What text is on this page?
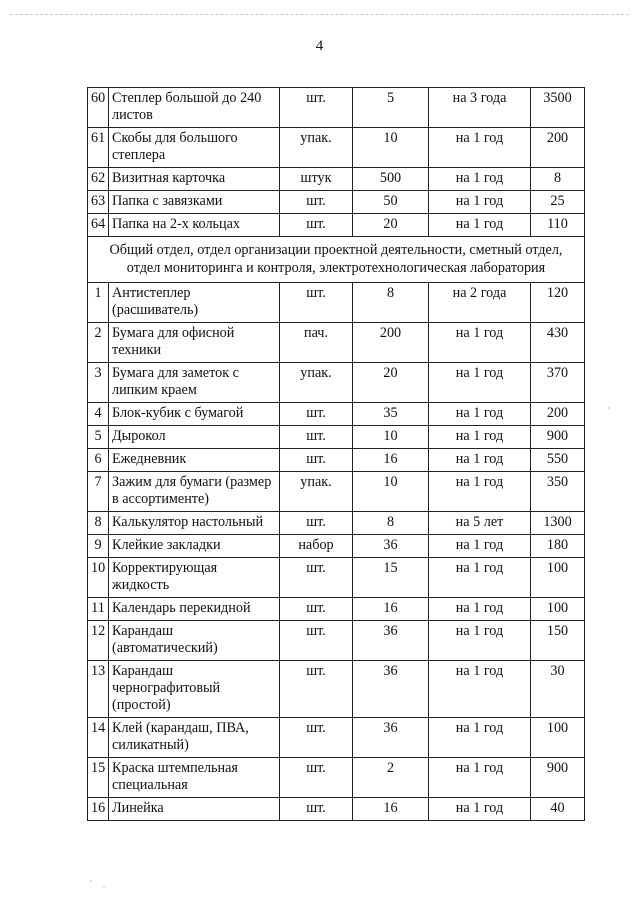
4
60	Степлер большой до 240 листов	шт.	5	на 3 года	3500
61	Скобы для большого степлера	упак.	10	на 1 год	200
62	Визитная карточка	штук	500	на 1 год	8
63	Папка с завязками	шт.	50	на 1 год	25
64	Папка на 2-х кольцах	шт.	20	на 1 год	110
Общий отдел, отдел организации проектной деятельности, сметный отдел, отдел мониторинга и контроля, электротехнологическая лаборатория					
1	Антистеплер (расшиватель)	шт.	8	на 2 года	120
2	Бумага для офисной техники	пач.	200	на 1 год	430
3	Бумага для заметок с липким краем	упак.	20	на 1 год	370
4	Блок-кубик с бумагой	шт.	35	на 1 год	200
5	Дырокол	шт.	10	на 1 год	900
6	Ежедневник	шт.	16	на 1 год	550
7	Зажим для бумаги (размер в ассортименте)	упак.	10	на 1 год	350
8	Калькулятор настольный	шт.	8	на 5 лет	1300
9	Клейкие закладки	набор	36	на 1 год	180
10	Корректирующая жидкость	шт.	15	на 1 год	100
11	Календарь перекидной	шт.	16	на 1 год	100
12	Карандаш (автоматический)	шт.	36	на 1 год	150
13	Карандаш чернографитовый (простой)	шт.	36	на 1 год	30
14	Клей (карандаш, ПВА, силикатный)	шт.	36	на 1 год	100
15	Краска штемпельная специальная	шт.	2	на 1 год	900
16	Линейка	шт.	16	на 1 год	40
